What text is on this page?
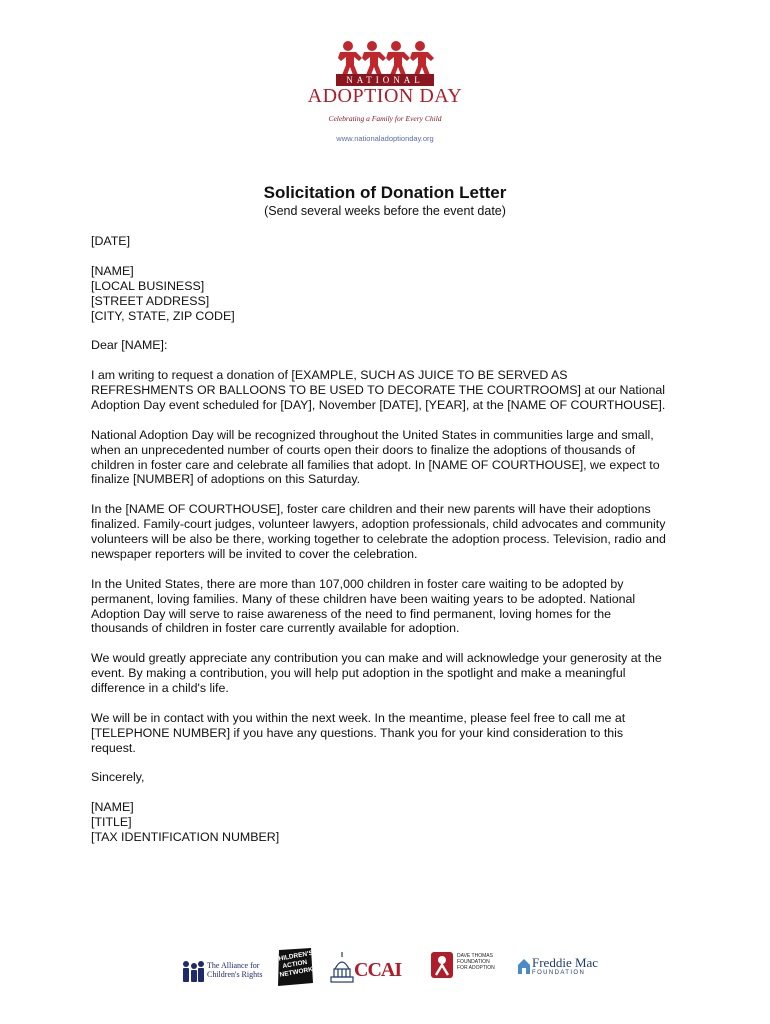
NATIONAL
ADOPTION DAY
Celebrating a Family for Every Child
www.nationaladoptionday.org
Solicitation of Donation Letter
(Send several weeks before the event date)

[DATE]

[NAME]
[LOCAL BUSINESS]
[STREET ADDRESS]
[CITY, STATE, ZIP CODE]

Dear [NAME]:

I am writing to request a donation of [EXAMPLE, SUCH AS JUICE TO BE SERVED AS
REFRESHMENTS OR BALLOONS TO BE USED TO DECORATE THE COURTROOMS] at our National
Adoption Day event scheduled for [DAY], November [DATE], [YEAR], at the [NAME OF COURTHOUSE].

National Adoption Day will be recognized throughout the United States in communities large and small,
when an unprecedented number of courts open their doors to finalize the adoptions of thousands of
children in foster care and celebrate all families that adopt. In [NAME OF COURTHOUSE], we expect to
finalize [NUMBER] of adoptions on this Saturday.

In the [NAME OF COURTHOUSE], foster care children and their new parents will have their adoptions
finalized. Family-court judges, volunteer lawyers, adoption professionals, child advocates and community
volunteers will be also be there, working together to celebrate the adoption process. Television, radio and
newspaper reporters will be invited to cover the celebration.

In the United States, there are more than 107,000 children in foster care waiting to be adopted by
permanent, loving families. Many of these children have been waiting years to be adopted. National
Adoption Day will serve to raise awareness of the need to find permanent, loving homes for the
thousands of children in foster care currently available for adoption.

We would greatly appreciate any contribution you can make and will acknowledge your generosity at the
event. By making a contribution, you will help put adoption in the spotlight and make a meaningful
difference in a child's life.

We will be in contact with you within the next week. In the meantime, please feel free to call me at
[TELEPHONE NUMBER] if you have any questions. Thank you for your kind consideration to this
request.

Sincerely,

[NAME]
[TITLE]
[TAX IDENTIFICATION NUMBER]

The Alliance for
Children's Rights
CHILDREN'S ACTION NETWORK CCAI
DAVE THOMAS
FOUNDATION
FOR ADOPTION	Freddie Mac
FOUNDATION
